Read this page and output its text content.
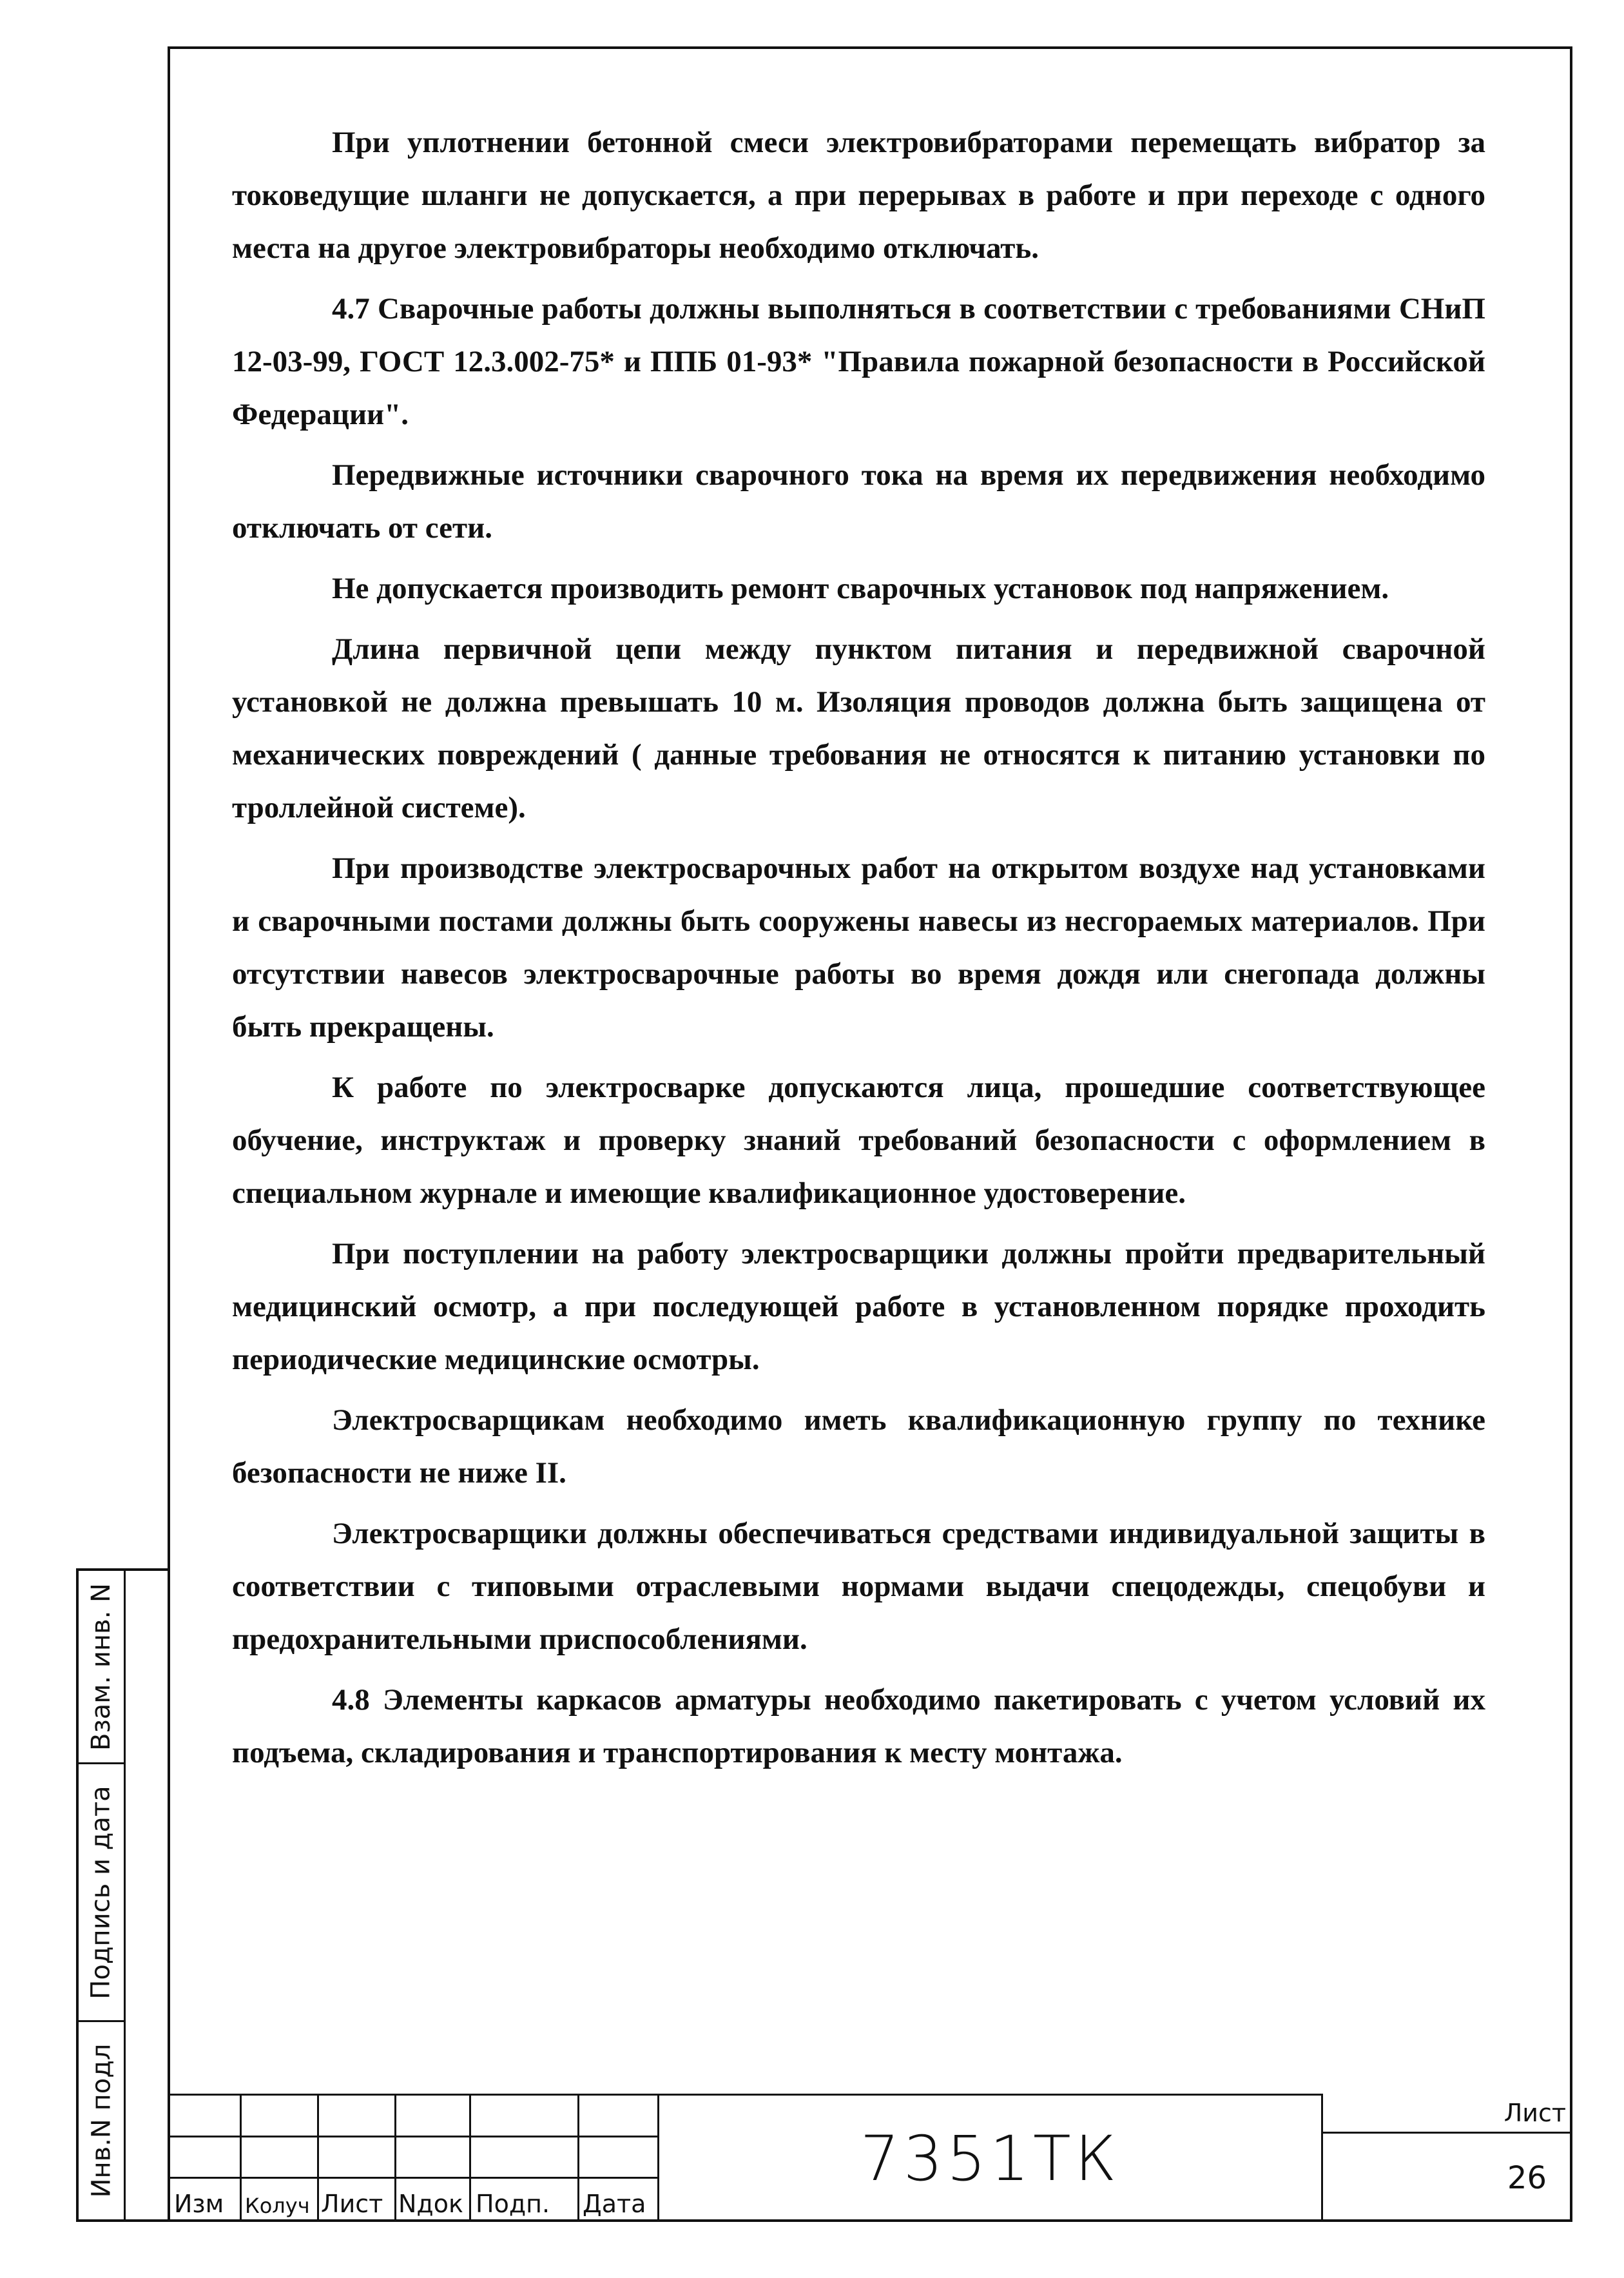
При уплотнении бетонной смеси электровибраторами перемещать вибратор за токоведущие шланги не допускается, а при перерывах в работе и при переходе с одного места на другое электровибраторы необходимо отключать.

4.7 Сварочные работы должны выполняться в соответствии с требованиями СНиП 12-03-99, ГОСТ 12.3.002-75* и ППБ 01-93* "Правила пожарной безопасности в Российской Федерации".

Передвижные источники сварочного тока на время их передвижения необходимо отключать от сети.

Не допускается производить ремонт сварочных установок под напряжением.

Длина первичной цепи между пунктом питания и передвижной сварочной установкой не должна превышать 10 м. Изоляция проводов должна быть защищена от механических повреждений ( данные требования не относятся к питанию установки по троллейной системе).

При производстве электросварочных работ на открытом воздухе над установками и сварочными постами должны быть сооружены навесы из несгораемых материалов. При отсутствии навесов электросварочные работы во время дождя или снегопада должны быть прекращены.

К работе по электросварке допускаются лица, прошедшие соответствующее обучение, инструктаж и проверку знаний требований безопасности с оформлением в специальном журнале и имеющие квалификационное удостоверение.

При поступлении на работу электросварщики должны пройти предварительный медицинский осмотр, а при последующей работе в установленном порядке проходить периодические медицинские осмотры.

Электросварщикам необходимо иметь квалификационную группу по технике безопасности не ниже II.

Электросварщики должны обеспечиваться средствами индивидуальной защиты в соответствии с типовыми отраслевыми нормами выдачи спецодежды, спецобуви и предохранительными приспособлениями.

4.8 Элементы каркасов арматуры необходимо пакетировать с учетом условий их подъема, складирования и транспортирования к месту монтажа.

Взам. инв. N
Подпись и дата
Инв.N подл
Изм Колуч Лист Nдок Подп. Дата
7351ТК
Лист
26
